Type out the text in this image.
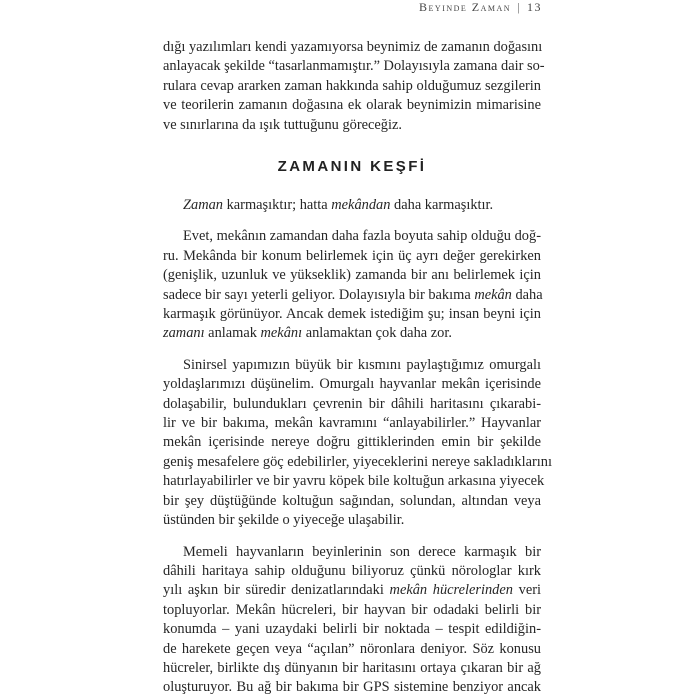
Beyinde Zaman | 13
dığı yazılımları kendi yazamıyorsa beynimiz de zamanın doğasını
anlayacak şekilde “tasarlanmamıştır.” Dolayısıyla zamana dair so-
rulara cevap ararken zaman hakkında sahip olduğumuz sezgilerin
ve teorilerin zamanın doğasına ek olarak beynimizin mimarisine
ve sınırlarına da ışık tuttuğunu göreceğiz.
ZAMANIN KEŞFİ
Zaman karmaşıktır; hatta mekândan daha karmaşıktır.
Evet, mekânın zamandan daha fazla boyuta sahip olduğu doğ-
ru. Mekânda bir konum belirlemek için üç ayrı değer gerekirken
(genişlik, uzunluk ve yükseklik) zamanda bir anı belirlemek için
sadece bir sayı yeterli geliyor. Dolayısıyla bir bakıma mekân daha
karmaşık görünüyor. Ancak demek istediğim şu; insan beyni için
zamanı anlamak mekânı anlamaktan çok daha zor.
Sinirsel yapımızın büyük bir kısmını paylaştığımız omurgalı
yoldaşlarımızı düşünelim. Omurgalı hayvanlar mekân içerisinde
dolaşabilir, bulundukları çevrenin bir dâhili haritasını çıkarabi-
lir ve bir bakıma, mekân kavramını “anlayabilirler.” Hayvanlar
mekân içerisinde nereye doğru gittiklerinden emin bir şekilde
geniş mesafelere göç edebilirler, yiyeceklerini nereye sakladıklarını
hatırlayabilirler ve bir yavru köpek bile koltuğun arkasına yiyecek
bir şey düştüğünde koltuğun sağından, solundan, altından veya
üstünden bir şekilde o yiyeceğe ulaşabilir.
Memeli hayvanların beyinlerinin son derece karmaşık bir
dâhili haritaya sahip olduğunu biliyoruz çünkü nörologlar kırk
yılı aşkın bir süredir denizatlarındaki mekân hücrelerinden veri
topluyorlar. Mekân hücreleri, bir hayvan bir odadaki belirli bir
konumda – yani uzaydaki belirli bir noktada – tespit edildiğin-
de harekete geçen veya “açılan” nöronlara deniyor. Söz konusu
hücreler, birlikte dış dünyanın bir haritasını ortaya çıkaran bir ağ
oluşturuyor. Bu ağ bir bakıma bir GPS sistemine benziyor ancak
